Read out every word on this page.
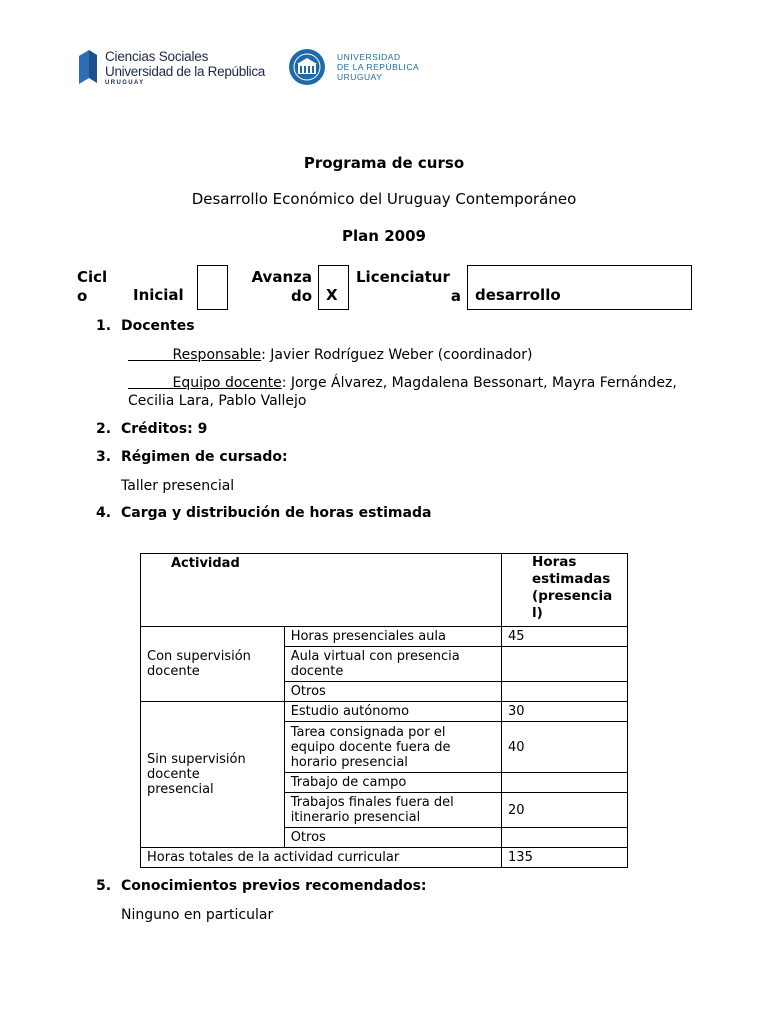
Ciencias Sociales
Universidad de la República
URUGUAY
UNIVERSIDAD
DE LA REPÚBLICA
URUGUAY
Programa de curso
Desarrollo Económico del Uruguay Contemporáneo
Plan 2009
Cicl
o	Inicial
Avanza
do X
Licenciatur
a desarrollo
1. Docentes
     Responsable: Javier Rodríguez Weber (coordinador)
     Equipo docente: Jorge Álvarez, Magdalena Bessonart, Mayra Fernández,
Cecilia Lara, Pablo Vallejo
2. Créditos: 9
3. Régimen de cursado:
Taller presencial
4. Carga y distribución de horas estimada
Actividad		Horas
estimadas
(presencia
l)

Con supervisión
docente	Horas presenciales aula	45

	Aula virtual con presencia
docente	

	Otros	

Sin supervisión
docente
presencial	Estudio autónomo	30

	Tarea consignada por el
equipo docente fuera de
horario presencial	40
	Trabajo de campo	

	Trabajos finales fuera del
itinerario presencial	20
	Otros	
Horas totales de la actividad curricular		135
5. Conocimientos previos recomendados:
Ninguno en particular
